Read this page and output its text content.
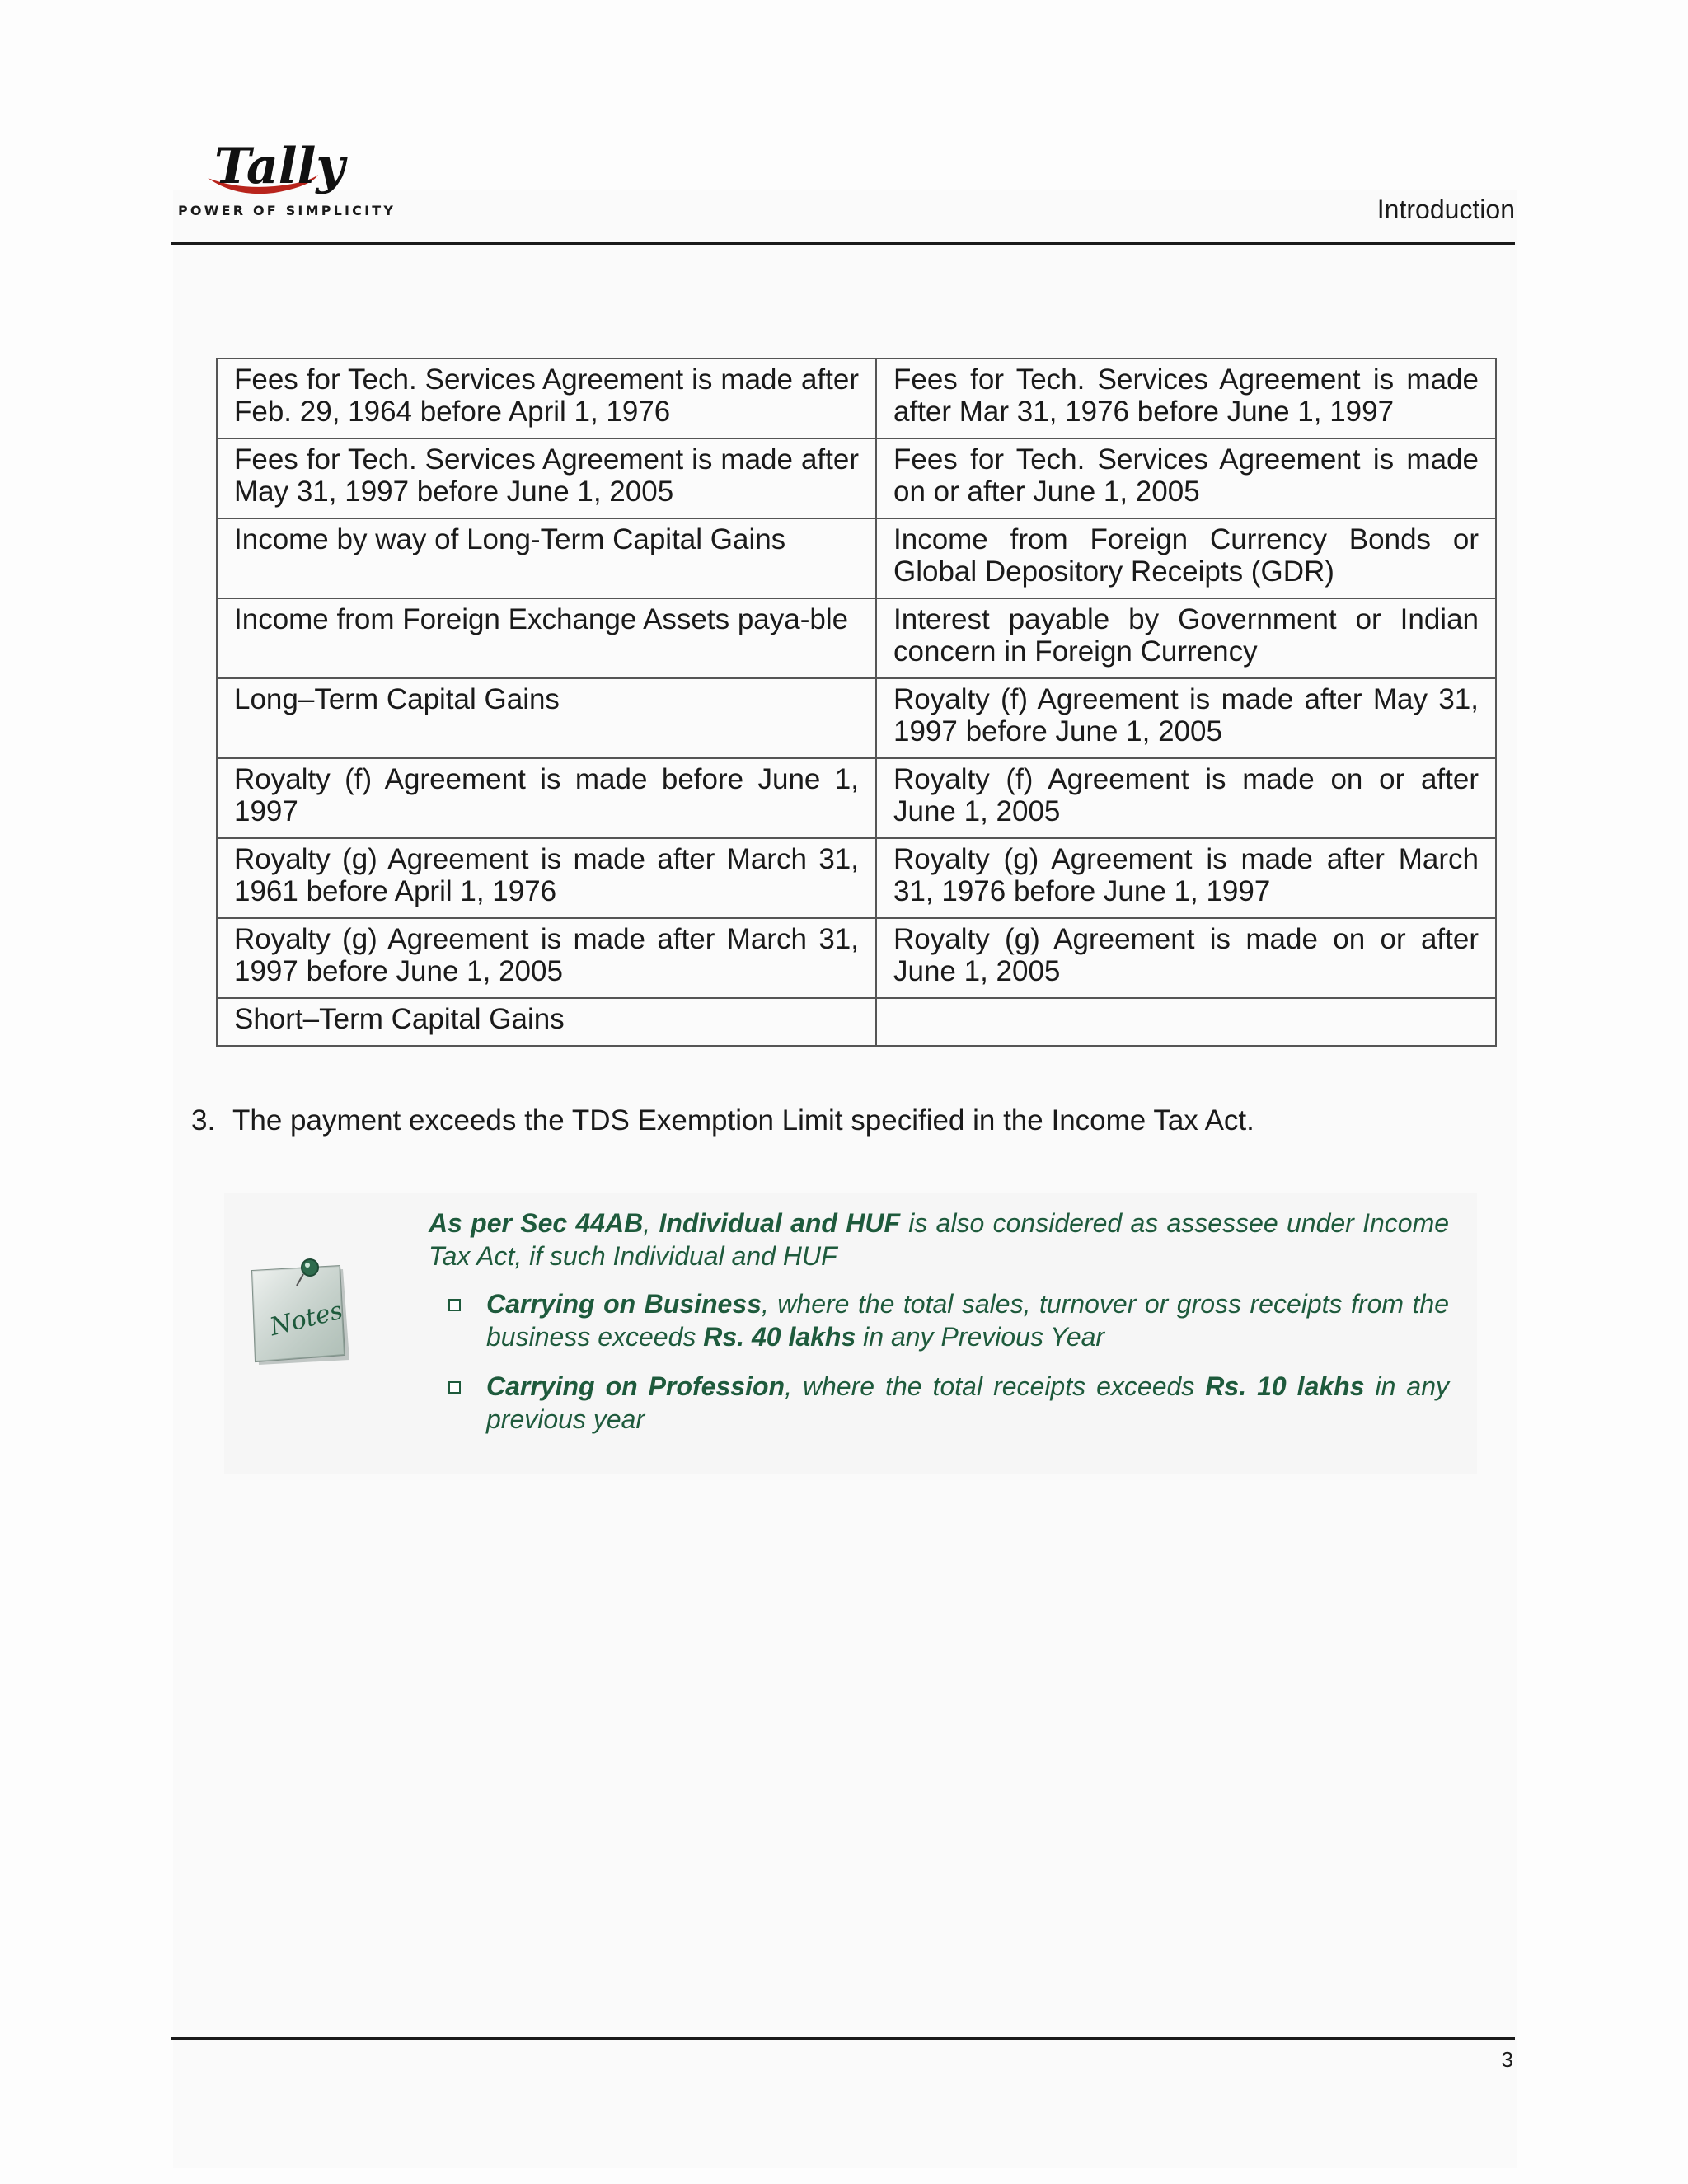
Tally
POWER OF SIMPLICITY	Introduction
Fees for Tech. Services Agreement is made after Feb. 29, 1964 before April 1, 1976	Fees for Tech. Services Agreement is made after Mar 31, 1976 before June 1, 1997
Fees for Tech. Services Agreement is made after May 31, 1997 before June 1, 2005	Fees for Tech. Services Agreement is made on or after June 1, 2005
Income by way of Long-Term Capital Gains	Income from Foreign Currency Bonds or Global Depository Receipts (GDR)
Income from Foreign Exchange Assets paya-ble	Interest payable by Government or Indian concern in Foreign Currency
Long–Term Capital Gains	Royalty (f) Agreement is made after May 31, 1997 before June 1, 2005
Royalty (f) Agreement is made before June 1, 1997	Royalty (f) Agreement is made on or after June 1, 2005
Royalty (g) Agreement is made after March 31, 1961 before April 1, 1976	Royalty (g) Agreement is made after March 31, 1976 before June 1, 1997
Royalty (g) Agreement is made after March 31, 1997 before June 1, 2005	Royalty (g) Agreement is made on or after June 1, 2005
Short–Term Capital Gains	
3. The payment exceeds the TDS Exemption Limit specified in the Income Tax Act.
Notes

As per Sec 44AB, Individual and HUF is also considered as assessee under Income Tax Act, if such Individual and HUF

Carrying on Business, where the total sales, turnover or gross receipts from the business exceeds Rs. 40 lakhs in any Previous Year
Carrying on Profession, where the total receipts exceeds Rs. 10 lakhs in any previous year
3
